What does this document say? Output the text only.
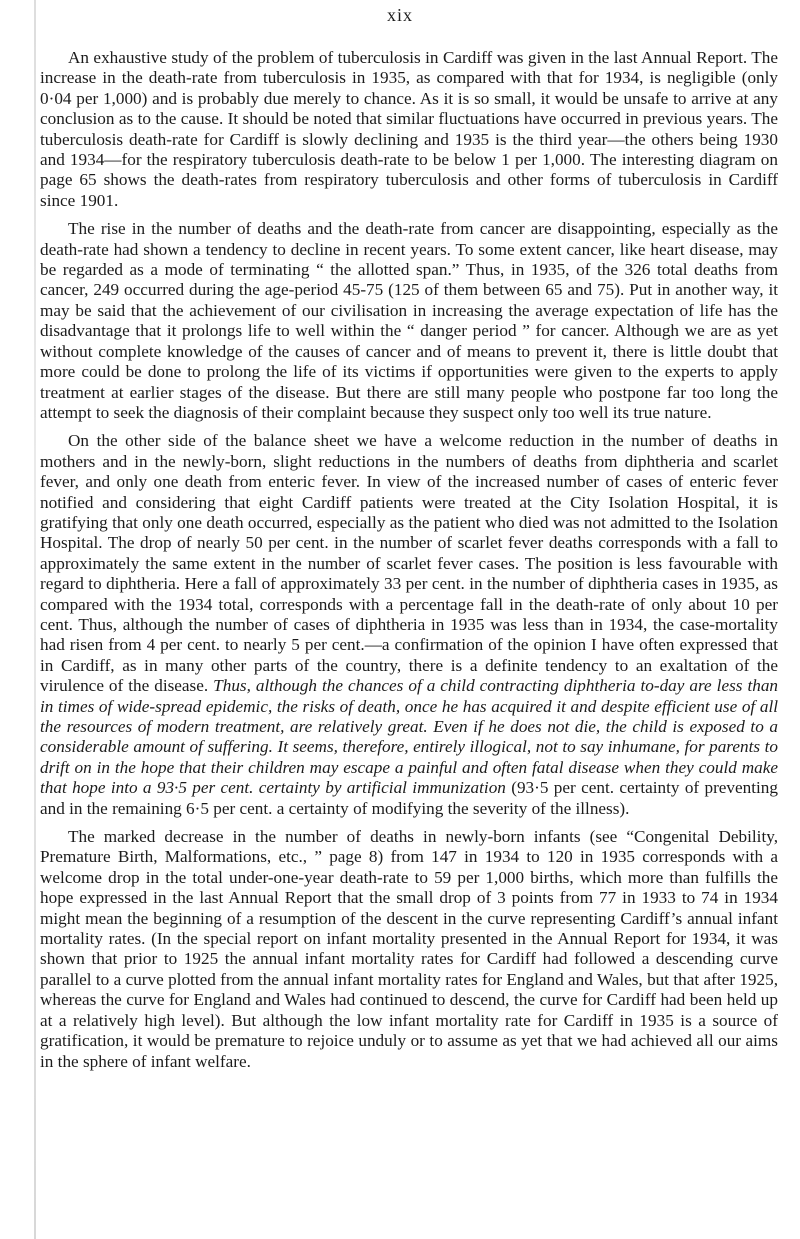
xix

An exhaustive study of the problem of tuberculosis in Cardiff was given in the last Annual Report. The increase in the death-rate from tuberculosis in 1935, as compared with that for 1934, is negligible (only 0·04 per 1,000) and is probably due merely to chance. As it is so small, it would be unsafe to arrive at any conclusion as to the cause. It should be noted that similar fluctuations have occurred in previous years. The tuberculosis death-rate for Cardiff is slowly declining and 1935 is the third year—the others being 1930 and 1934—for the respiratory tuberculosis death-rate to be below 1 per 1,000. The interesting diagram on page 65 shows the death-rates from respiratory tuberculosis and other forms of tuberculosis in Cardiff since 1901.

The rise in the number of deaths and the death-rate from cancer are disappointing, especially as the death-rate had shown a tendency to decline in recent years. To some extent cancer, like heart disease, may be regarded as a mode of terminating “ the allotted span.” Thus, in 1935, of the 326 total deaths from cancer, 249 occurred during the age-period 45-75 (125 of them between 65 and 75). Put in another way, it may be said that the achievement of our civilisation in increasing the average expectation of life has the disadvantage that it prolongs life to well within the “ danger period ” for cancer. Although we are as yet without complete knowledge of the causes of cancer and of means to prevent it, there is little doubt that more could be done to prolong the life of its victims if opportunities were given to the experts to apply treatment at earlier stages of the disease. But there are still many people who postpone far too long the attempt to seek the diagnosis of their complaint because they suspect only too well its true nature.

On the other side of the balance sheet we have a welcome reduction in the number of deaths in mothers and in the newly-born, slight reductions in the numbers of deaths from diphtheria and scarlet fever, and only one death from enteric fever. In view of the increased number of cases of enteric fever notified and considering that eight Cardiff patients were treated at the City Isolation Hospital, it is gratifying that only one death occurred, especially as the patient who died was not admitted to the Isolation Hospital. The drop of nearly 50 per cent. in the number of scarlet fever deaths corresponds with a fall to approximately the same extent in the number of scarlet fever cases. The position is less favourable with regard to diphtheria. Here a fall of approximately 33 per cent. in the number of diphtheria cases in 1935, as compared with the 1934 total, corresponds with a percentage fall in the death-rate of only about 10 per cent. Thus, although the number of cases of diphtheria in 1935 was less than in 1934, the case-mortality had risen from 4 per cent. to nearly 5 per cent.—a confirmation of the opinion I have often expressed that in Cardiff, as in many other parts of the country, there is a definite tendency to an exaltation of the virulence of the disease. Thus, although the chances of a child contracting diphtheria to-day are less than in times of wide-spread epidemic, the risks of death, once he has acquired it and despite efficient use of all the resources of modern treatment, are relatively great. Even if he does not die, the child is exposed to a considerable amount of suffering. It seems, therefore, entirely illogical, not to say inhumane, for parents to drift on in the hope that their children may escape a painful and often fatal disease when they could make that hope into a 93·5 per cent. certainty by artificial immunization (93·5 per cent. certainty of preventing and in the remaining 6·5 per cent. a certainty of modifying the severity of the illness).

The marked decrease in the number of deaths in newly-born infants (see “Congenital Debility, Premature Birth, Malformations, etc., ” page 8) from 147 in 1934 to 120 in 1935 corresponds with a welcome drop in the total under-one-year death-rate to 59 per 1,000 births, which more than fulfills the hope expressed in the last Annual Report that the small drop of 3 points from 77 in 1933 to 74 in 1934 might mean the beginning of a resumption of the descent in the curve representing Cardiff’s annual infant mortality rates. (In the special report on infant mortality presented in the Annual Report for 1934, it was shown that prior to 1925 the annual infant mortality rates for Cardiff had followed a descending curve parallel to a curve plotted from the annual infant mortality rates for England and Wales, but that after 1925, whereas the curve for England and Wales had continued to descend, the curve for Cardiff had been held up at a relatively high level). But although the low infant mortality rate for Cardiff in 1935 is a source of gratification, it would be premature to rejoice unduly or to assume as yet that we had achieved all our aims in the sphere of infant welfare.
